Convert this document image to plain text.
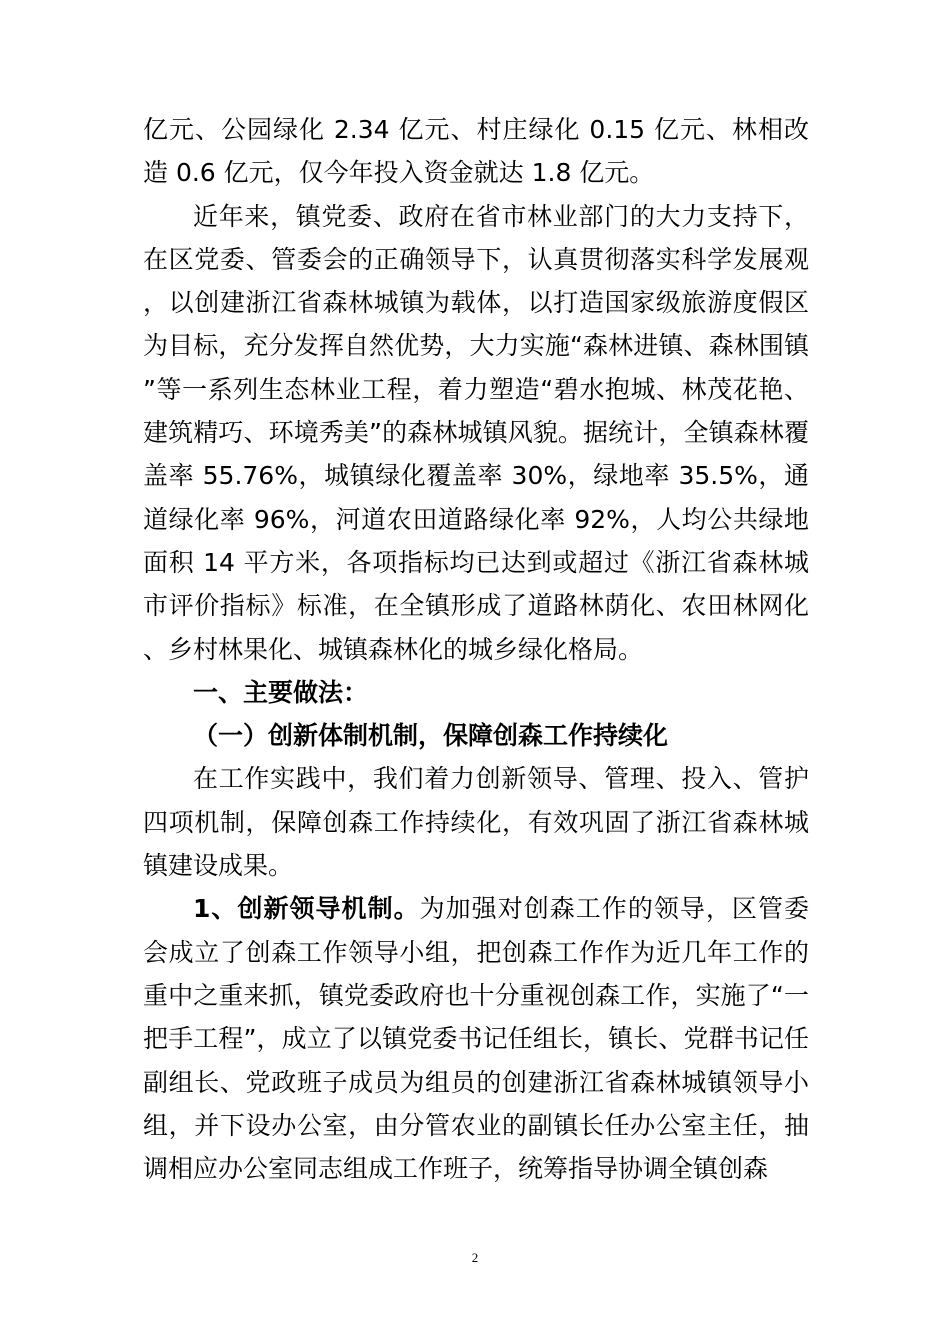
亿元、公园绿化 2.34 亿元、村庄绿化 0.15 亿元、林相改造 0.6 亿元，仅今年投入资金就达 1.8 亿元。

近年来，镇党委、政府在省市林业部门的大力支持下，在区党委、管委会的正确领导下，认真贯彻落实科学发展观，以创建浙江省森林城镇为载体，以打造国家级旅游度假区为目标，充分发挥自然优势，大力实施“森林进镇、森林围镇”等一系列生态林业工程，着力塑造“碧水抱城、林茂花艳、建筑精巧、环境秀美”的森林城镇风貌。据统计，全镇森林覆盖率 55.76%，城镇绿化覆盖率 30%，绿地率 35.5%，通道绿化率 96%，河道农田道路绿化率 92%，人均公共绿地面积 14 平方米，各项指标均已达到或超过《浙江省森林城市评价指标》标准，在全镇形成了道路林荫化、农田林网化、乡村林果化、城镇森林化的城乡绿化格局。

一、主要做法：

（一）创新体制机制，保障创森工作持续化

在工作实践中，我们着力创新领导、管理、投入、管护四项机制，保障创森工作持续化，有效巩固了浙江省森林城镇建设成果。

1、创新领导机制。为加强对创森工作的领导，区管委会成立了创森工作领导小组，把创森工作作为近几年工作的重中之重来抓，镇党委政府也十分重视创森工作，实施了“一把手工程”，成立了以镇党委书记任组长，镇长、党群书记任副组长、党政班子成员为组员的创建浙江省森林城镇领导小组，并下设办公室，由分管农业的副镇长任办公室主任，抽调相应办公室同志组成工作班子，统筹指导协调全镇创森

2
